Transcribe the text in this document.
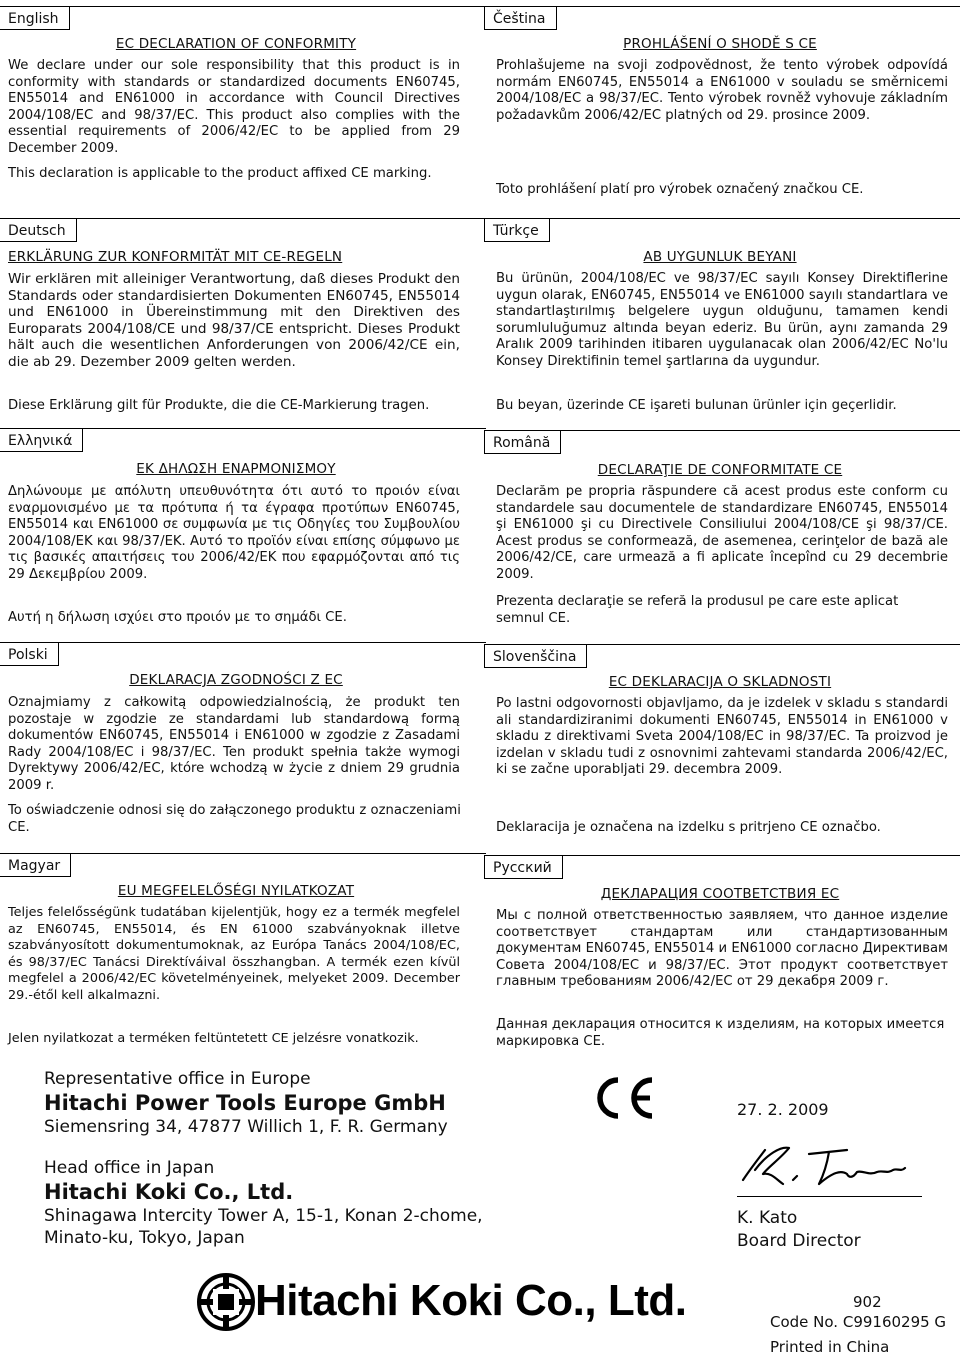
English
EC DECLARATION OF CONFORMITY

We declare under our sole responsibility that this product is in conformity with standards or standardized documents EN60745, EN55014 and EN61000 in accordance with Council Directives 2004/108/EC and 98/37/EC. This product also complies with the essential requirements of 2006/42/EC to be applied from 29 December 2009.

This declaration is applicable to the product affixed CE marking.

Čeština
PROHLÁŠENÍ O SHODĚ S CE

Prohlašujeme na svoji zodpovědnost, že tento výrobek odpovídá normám EN60745, EN55014 a EN61000 v souladu se směrnicemi 2004/108/EC a 98/37/EC. Tento výrobek rovněž vyhovuje základním požadavkům 2006/42/EC platných od 29. prosince 2009.

Toto prohlášení platí pro výrobek označený značkou CE.

Deutsch
ERKLÄRUNG ZUR KONFORMITÄT MIT CE-REGELN

Wir erklären mit alleiniger Verantwortung, daß dieses Produkt den Standards oder standardisierten Dokumenten EN60745, EN55014 und EN61000 in Übereinstimmung mit den Direktiven des Europarats 2004/108/CE und 98/37/CE entspricht. Dieses Produkt hält auch die wesentlichen Anforderungen von 2006/42/CE ein, die ab 29. Dezember 2009 gelten werden.

Diese Erklärung gilt für Produkte, die die CE-Markierung tragen.

Türkçe
AB UYGUNLUK BEYANI

Bu ürünün, 2004/108/EC ve 98/37/EC sayılı Konsey Direktiflerine uygun olarak, EN60745, EN55014 ve EN61000 sayılı standartlara ve standartlaştırılmış belgelere uygun olduğunu, tamamen kendi sorumluluğumuz altında beyan ederiz. Bu ürün, aynı zamanda 29 Aralık 2009 tarihinden itibaren uygulanacak olan 2006/42/EC No'lu Konsey Direktifinin temel şartlarına da uygundur.

Bu beyan, üzerinde CE işareti bulunan ürünler için geçerlidir.

Ελληνικά
ΕΚ ΔΗΛΩΣΗ ΕΝΑΡΜΟΝΙΣΜΟΥ

Δηλώνουμε με απόλυτη υπευθυνότητα ότι αυτό το προιόν είναι εναρμονισμένο με τα πρότυπα ή τα έγραφα προτύπων EN60745, EN55014 και EN61000 σε συμφωνία με τις Οδηγίες του Συμβουλίου 2004/108/ΕΚ και 98/37/ΕΚ. Αυτό το προϊόν είναι επίσης σύμφωνο με τις βασικές απαιτήσεις του 2006/42/ΕΚ που εφαρμόζονται από τις 29 Δεκεμβρίου 2009.

Αυτή η δήλωση ισχύει στο προιόν με το σημάδι CE.

Română
DECLARAŢIE DE CONFORMITATE CE

Declarăm pe propria răspundere că acest produs este conform cu standardele sau documentele de standardizare EN60745, EN55014 şi EN61000 şi cu Directivele Consiliului 2004/108/CE şi 98/37/CE. Acest produs se conformează, de asemenea, cerinţelor de bază ale 2006/42/CE, care urmează a fi aplicate începînd cu 29 decembrie 2009.

Prezenta declaraţie se referă la produsul pe care este aplicat semnul CE.

Polski
DEKLARACJA ZGODNOŚCI Z EC

Oznajmiamy z całkowitą odpowiedzialnością, że produkt ten pozostaje w zgodzie ze standardami lub standardową formą dokumentów EN60745, EN55014 i EN61000 w zgodzie z Zasadami Rady 2004/108/EC i 98/37/EC. Ten produkt spełnia także wymogi Dyrektywy 2006/42/EC, które wchodzą w życie z dniem 29 grudnia 2009 r.

To oświadczenie odnosi się do załączonego produktu z oznaczeniami CE.

Slovenščina
EC DEKLARACIJA O SKLADNOSTI

Po lastni odgovornosti objavljamo, da je izdelek v skladu s standardi ali standardiziranimi dokumenti EN60745, EN55014 in EN61000 v skladu z direktivami Sveta 2004/108/EC in 98/37/EC. Ta proizvod je izdelan v skladu tudi z osnovnimi zahtevami standarda 2006/42/EC, ki se začne uporabljati 29. decembra 2009.

Deklaracija je označena na izdelku s pritrjeno CE označbo.

Magyar
EU MEGFELELŐSÉGI NYILATKOZAT

Teljes felelősségünk tudatában kijelentjük, hogy ez a termék megfelel az EN60745, EN55014, és EN 61000 szabványoknak illetve szabványosított dokumentumoknak, az Európa Tanács 2004/108/EC, és 98/37/EC Tanácsi Direktíváival összhangban. A termék ezen kívül megfelel a 2006/42/EC követelményeinek, melyeket 2009. December 29.-étől kell alkalmazni.

Jelen nyilatkozat a terméken feltüntetett CE jelzésre vonatkozik.

Русский
ДЕКЛАРАЦИЯ СООТВЕТСТВИЯ ЕС

Мы с полной ответственностью заявляем, что данное изделие соответствует стандартам или стандартизованным документам EN60745, EN55014 и EN61000 согласно Директивам Совета 2004/108/EC и 98/37/EC. Этот продукт соответствует главным требованиям 2006/42/EC от 29 декабря 2009 г.

Данная декларация относится к изделиям, на которых имеется маркировка CE.

Representative office in Europe
Hitachi Power Tools Europe GmbH
Siemensring 34, 47877 Willich 1, F. R. Germany
Head office in Japan
Hitachi Koki Co., Ltd.
Shinagawa Intercity Tower A, 15-1, Konan 2-chome,
Minato-ku, Tokyo, Japan
27. 2. 2009
K. Kato
Board Director
Hitachi Koki Co., Ltd.	902
Code No. C99160295 G
Printed in China
